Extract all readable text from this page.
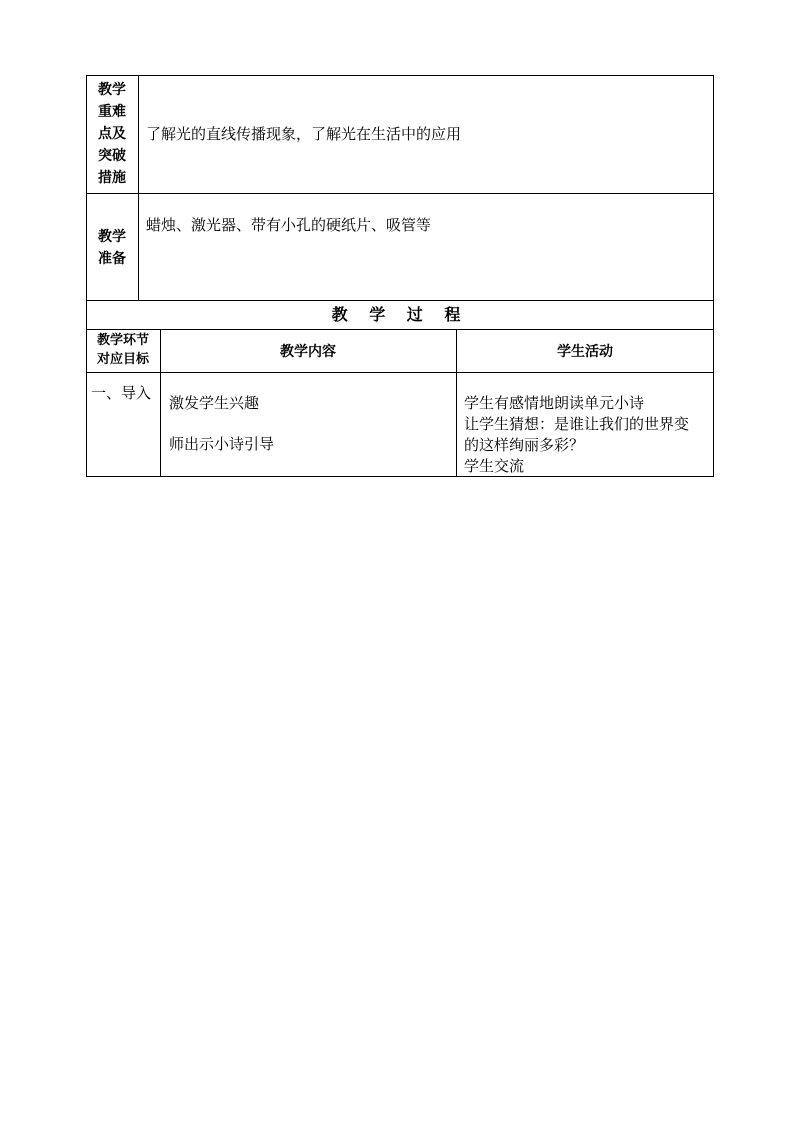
教学
重难
点及
突破
措施
了解光的直线传播现象，了解光在生活中的应用
教学
准备
蜡烛、激光器、带有小孔的硬纸片、吸管等
教 学 过 程
教学环节
对应目标	教学内容	学生活动
一、导入
激发学生兴趣
师出示小诗引导
学生有感情地朗读单元小诗
让学生猜想：是谁让我们的世界变
的这样绚丽多彩？
学生交流
